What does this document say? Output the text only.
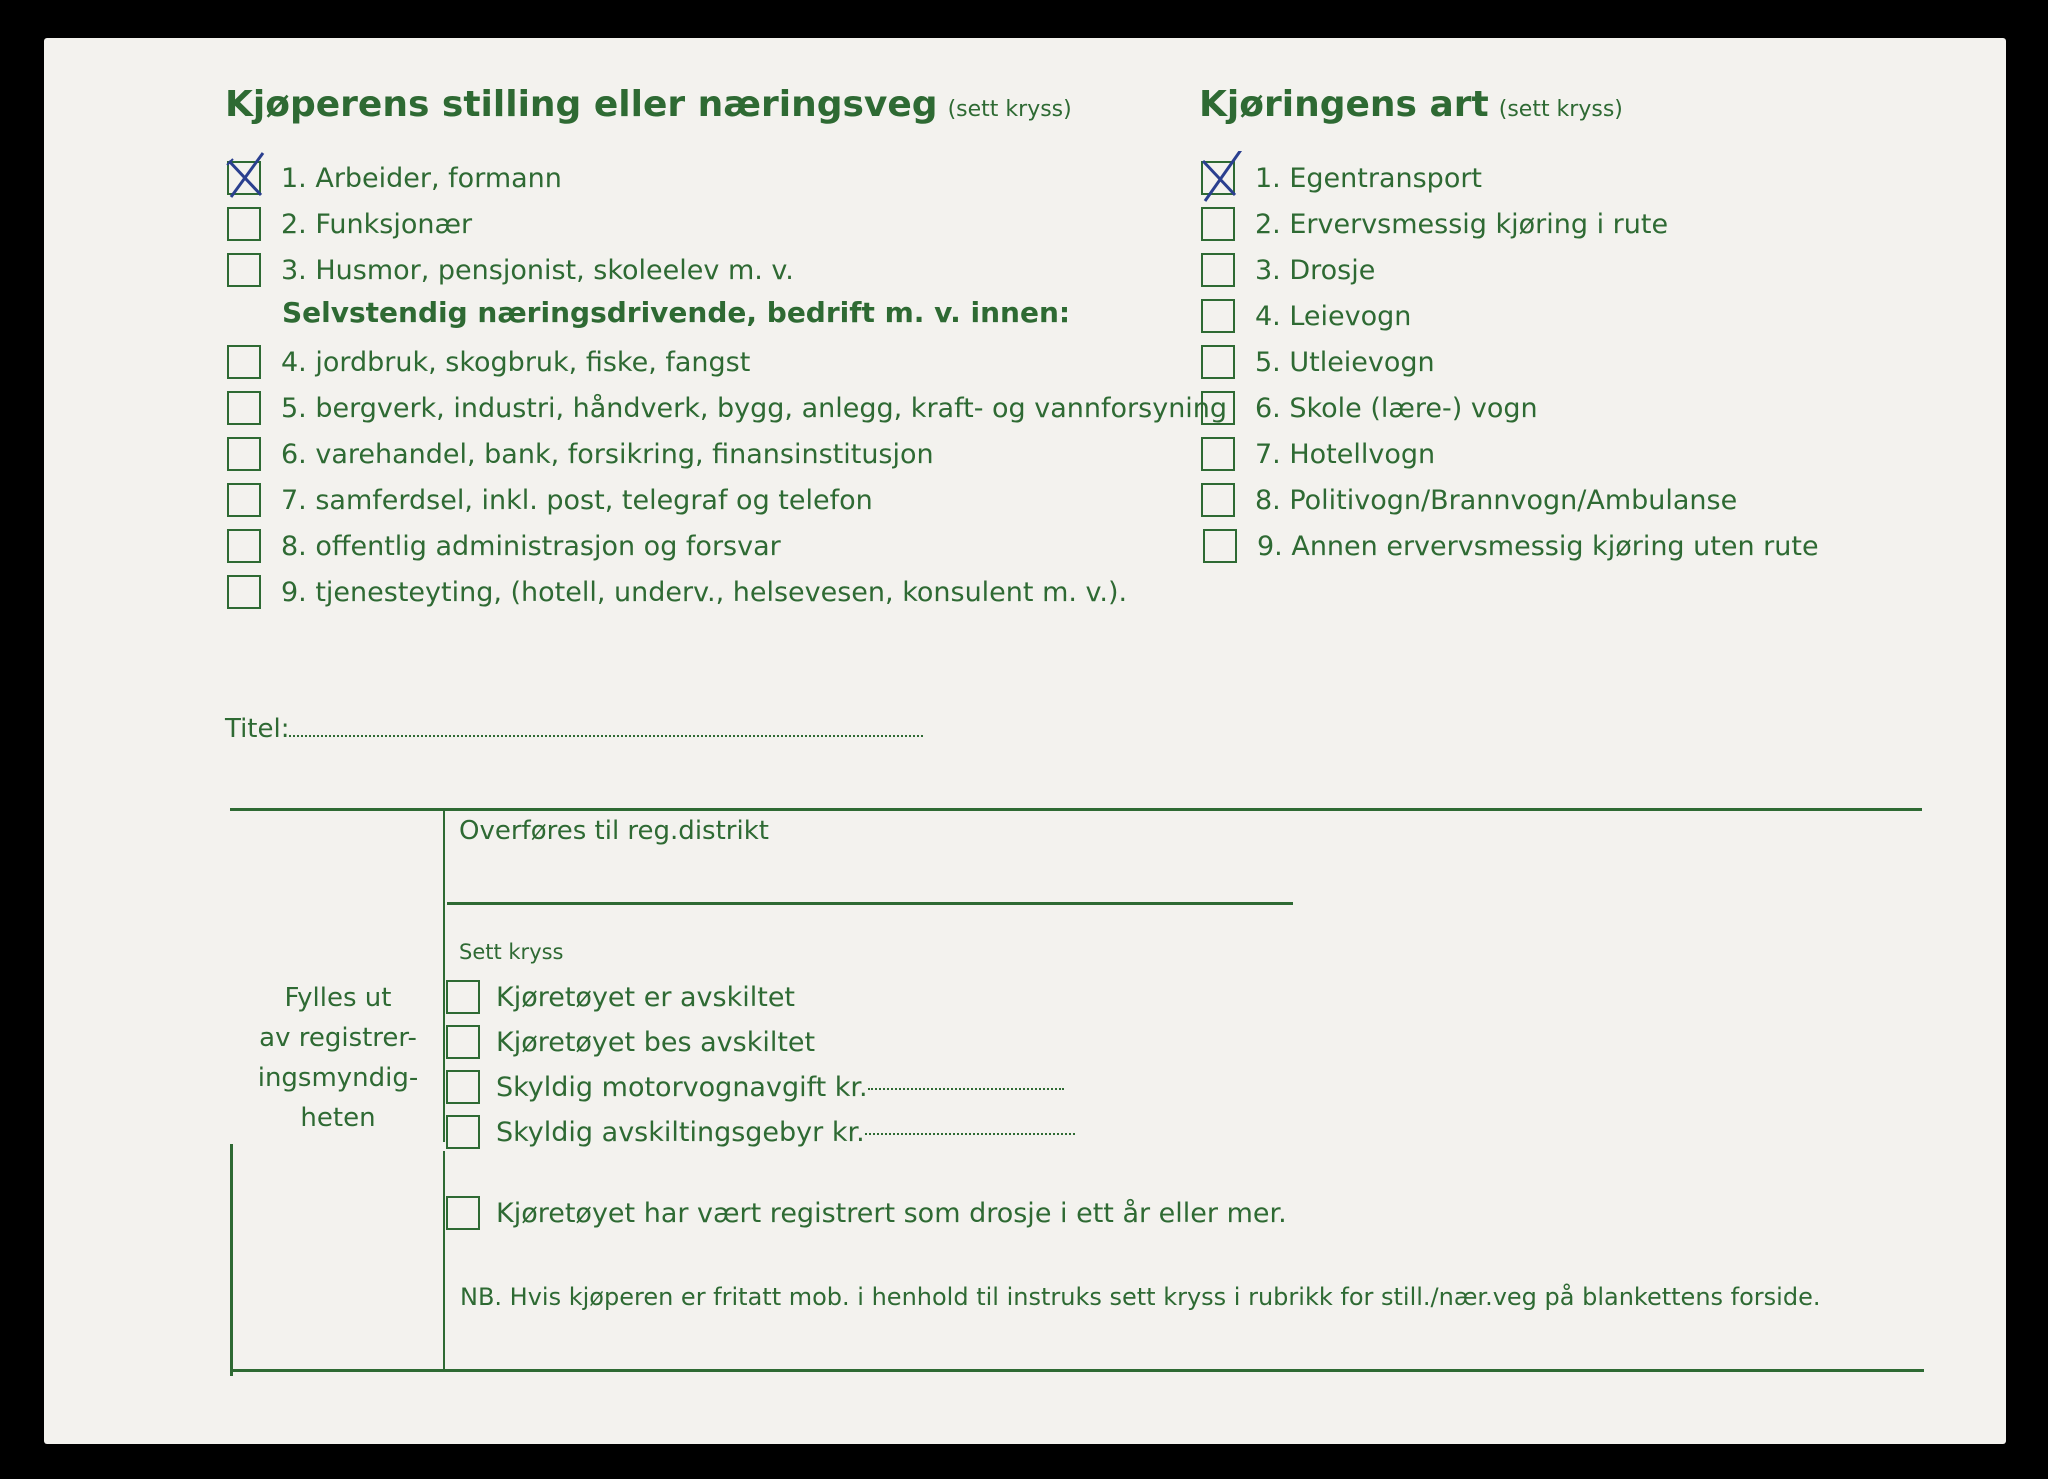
Kjøperens stilling eller næringsveg (sett kryss)
1. Arbeider, formann
2. Funksjonær
3. Husmor, pensjonist, skoleelev m. v.
Selvstendig næringsdrivende, bedrift m. v. innen:
4. jordbruk, skogbruk, fiske, fangst
5. bergverk, industri, håndverk, bygg, anlegg, kraft- og vannforsyning
6. varehandel, bank, forsikring, finansinstitusjon
7. samferdsel, inkl. post, telegraf og telefon
8. offentlig administrasjon og forsvar
9. tjenesteyting, (hotell, underv., helsevesen, konsulent m. v.).
Titel:
Kjøringens art (sett kryss)
1. Egentransport
2. Ervervsmessig kjøring i rute
3. Drosje
4. Leievogn
5. Utleievogn
6. Skole (lære-) vogn
7. Hotellvogn
8. Politivogn/Brannvogn/Ambulanse
9. Annen ervervsmessig kjøring uten rute
Fylles ut
av registrer-
ingsmyndig-
heten
Overføres til reg.distrikt
Sett kryss
Kjøretøyet er avskiltet
Kjøretøyet bes avskiltet
Skyldig motorvognavgift kr.
Skyldig avskiltingsgebyr kr.
Kjøretøyet har vært registrert som drosje i ett år eller mer.
NB. Hvis kjøperen er fritatt mob. i henhold til instruks sett kryss i rubrikk for still./nær.veg på blankettens forside.
